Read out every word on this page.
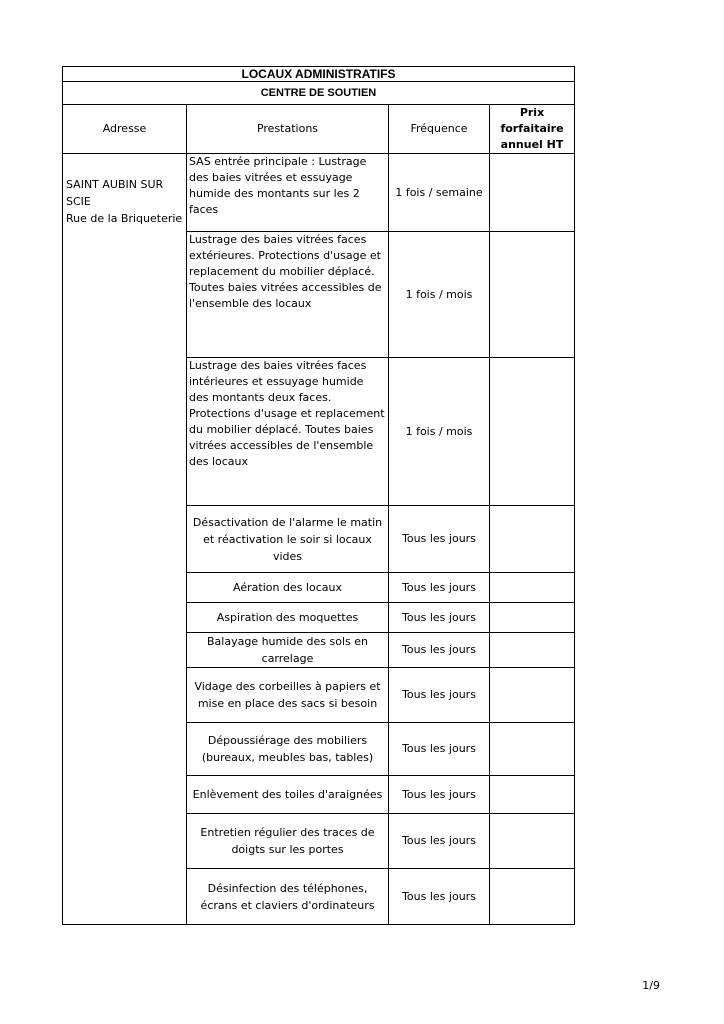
LOCAUX ADMINISTRATIFS			
CENTRE DE SOUTIEN			
Adresse	Prestations	Fréquence	Prix forfaitaire annuel HT

SAINT AUBIN SUR SCIE
Rue de la Briqueterie	SAS entrée principale : Lustrage des baies vitrées et essuyage humide des montants sur les 2 faces	1 fois / semaine	
	Lustrage des baies vitrées faces extérieures. Protections d'usage et replacement du mobilier déplacé. Toutes baies vitrées accessibles de l'ensemble des locaux	1 fois / mois	
	Lustrage des baies vitrées faces intérieures et essuyage humide des montants deux faces. Protections d'usage et replacement du mobilier déplacé. Toutes baies vitrées accessibles de l'ensemble des locaux	1 fois / mois	
	Désactivation de l'alarme le matin et réactivation le soir si locaux vides	Tous les jours	
	Aération des locaux	Tous les jours	
	Aspiration des moquettes	Tous les jours	
	Balayage humide des sols en carrelage	Tous les jours	
	Vidage des corbeilles à papiers et mise en place des sacs si besoin	Tous les jours	
	Dépoussiérage des mobiliers (bureaux, meubles bas, tables)	Tous les jours	
	Enlèvement des toiles d'araignées	Tous les jours	
	Entretien régulier des traces de doigts sur les portes	Tous les jours	
	Désinfection des téléphones, écrans et claviers d'ordinateurs	Tous les jours	
1/9
